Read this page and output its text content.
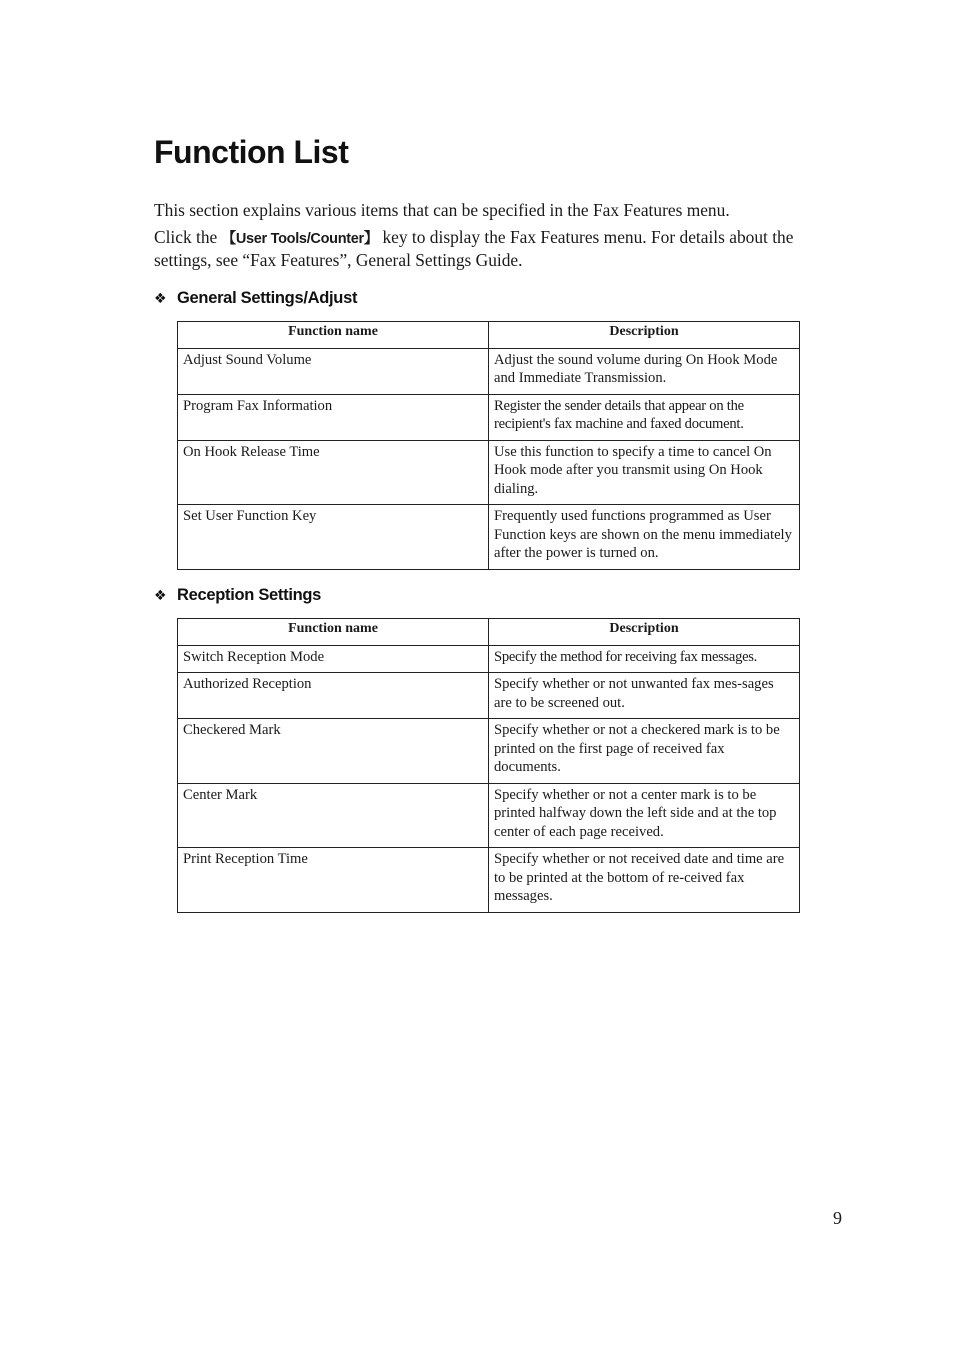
Function List

This section explains various items that can be specified in the Fax Features menu.

Click the 【User Tools/Counter】 key to display the Fax Features menu. For details about the settings, see “Fax Features”, General Settings Guide.

❖ General Settings/Adjust
Function name	Description
Adjust Sound Volume	Adjust the sound volume during On Hook Mode and Immediate Transmission.
Program Fax Information	Register the sender details that appear on the recipient's fax machine and faxed document.
On Hook Release Time	Use this function to specify a time to cancel On Hook mode after you transmit using On Hook dialing.
Set User Function Key	Frequently used functions programmed as User Function keys are shown on the menu immediately after the power is turned on.
❖ Reception Settings
Function name	Description
Switch Reception Mode	Specify the method for receiving fax messages.
Authorized Reception	Specify whether or not unwanted fax mes-sages are to be screened out.
Checkered Mark	Specify whether or not a checkered mark is to be printed on the first page of received fax documents.
Center Mark	Specify whether or not a center mark is to be printed halfway down the left side and at the top center of each page received.
Print Reception Time	Specify whether or not received date and time are to be printed at the bottom of re-ceived fax messages.
9
